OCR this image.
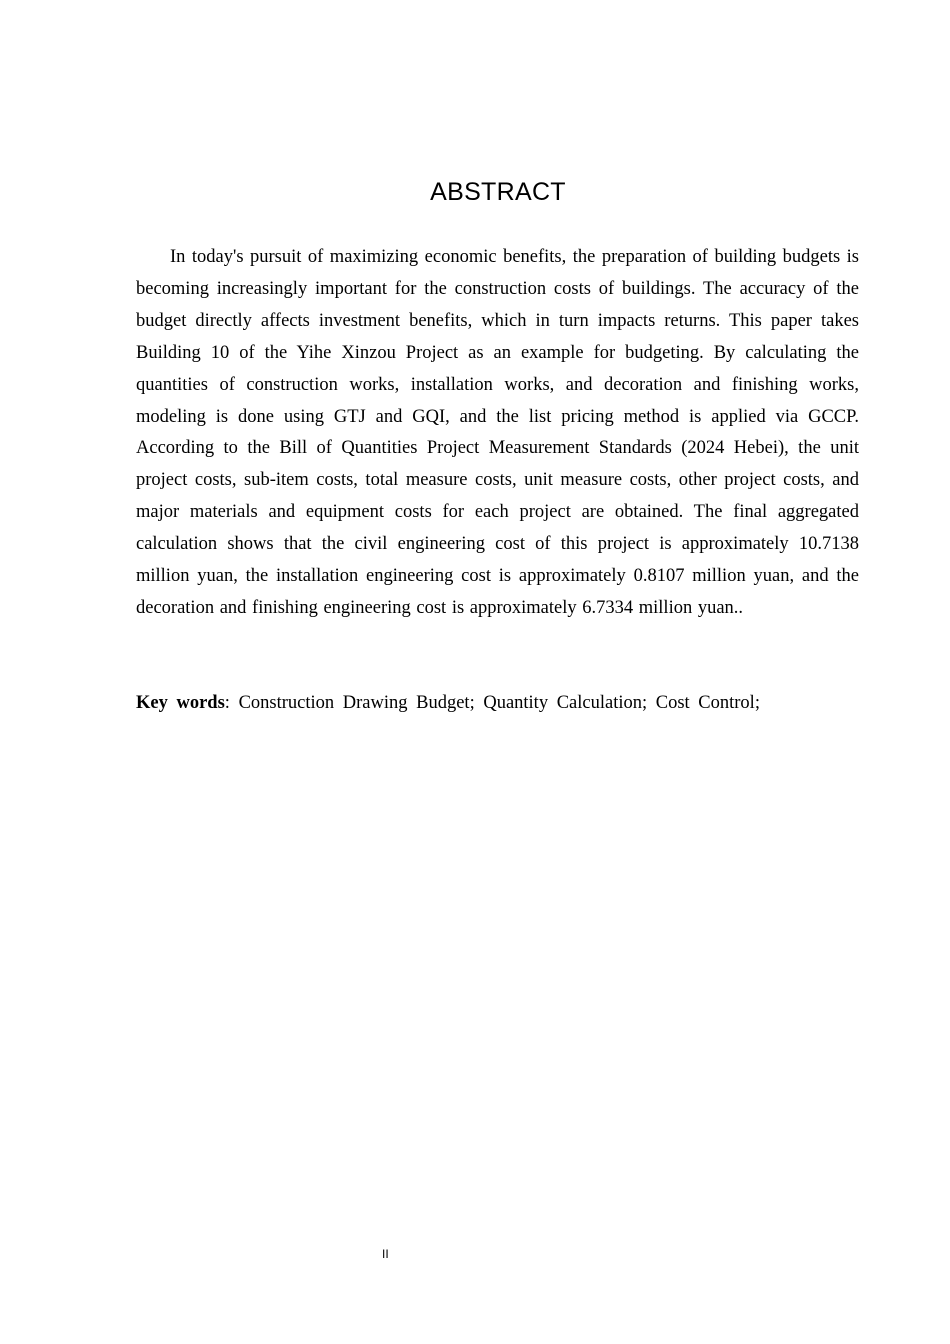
ABSTRACT

In today's pursuit of maximizing economic benefits, the preparation of building budgets is becoming increasingly important for the construction costs of buildings. The accuracy of the budget directly affects investment benefits, which in turn impacts returns. This paper takes Building 10 of the Yihe Xinzou Project as an example for budgeting. By calculating the quantities of construction works, installation works, and decoration and finishing works, modeling is done using GTJ and GQI, and the list pricing method is applied via GCCP. According to the Bill of Quantities Project Measurement Standards (2024 Hebei), the unit project costs, sub-item costs, total measure costs, unit measure costs, other project costs, and major materials and equipment costs for each project are obtained. The final aggregated calculation shows that the civil engineering cost of this project is approximately 10.7138 million yuan, the installation engineering cost is approximately 0.8107 million yuan, and the decoration and finishing engineering cost is approximately 6.7334 million yuan..

Key words: Construction Drawing Budget; Quantity Calculation; Cost Control;

II
